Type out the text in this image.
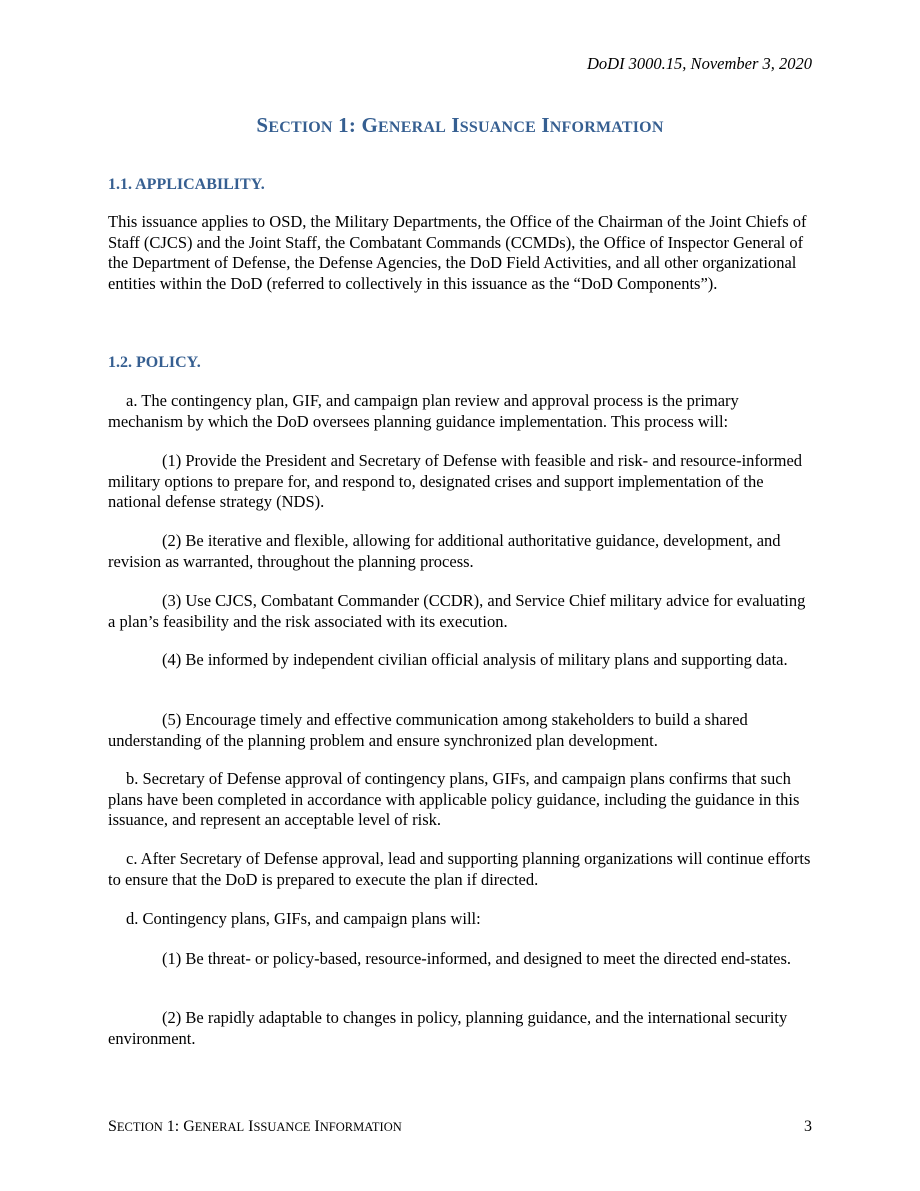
DoDI 3000.15, November 3, 2020
SECTION 1: GENERAL ISSUANCE INFORMATION
1.1. APPLICABILITY.

This issuance applies to OSD, the Military Departments, the Office of the Chairman of the Joint Chiefs of Staff (CJCS) and the Joint Staff, the Combatant Commands (CCMDs), the Office of Inspector General of the Department of Defense, the Defense Agencies, the DoD Field Activities, and all other organizational entities within the DoD (referred to collectively in this issuance as the “DoD Components”).

1.2. POLICY.

a. The contingency plan, GIF, and campaign plan review and approval process is the primary mechanism by which the DoD oversees planning guidance implementation. This process will:

(1) Provide the President and Secretary of Defense with feasible and risk- and resource-informed military options to prepare for, and respond to, designated crises and support implementation of the national defense strategy (NDS).

(2) Be iterative and flexible, allowing for additional authoritative guidance, development, and revision as warranted, throughout the planning process.

(3) Use CJCS, Combatant Commander (CCDR), and Service Chief military advice for evaluating a plan’s feasibility and the risk associated with its execution.

(4) Be informed by independent civilian official analysis of military plans and supporting data.

(5) Encourage timely and effective communication among stakeholders to build a shared understanding of the planning problem and ensure synchronized plan development.

b. Secretary of Defense approval of contingency plans, GIFs, and campaign plans confirms that such plans have been completed in accordance with applicable policy guidance, including the guidance in this issuance, and represent an acceptable level of risk.

c. After Secretary of Defense approval, lead and supporting planning organizations will continue efforts to ensure that the DoD is prepared to execute the plan if directed.

d. Contingency plans, GIFs, and campaign plans will:

(1) Be threat- or policy-based, resource-informed, and designed to meet the directed end-states.

(2) Be rapidly adaptable to changes in policy, planning guidance, and the international security environment.

SECTION 1: GENERAL ISSUANCE INFORMATION	3
